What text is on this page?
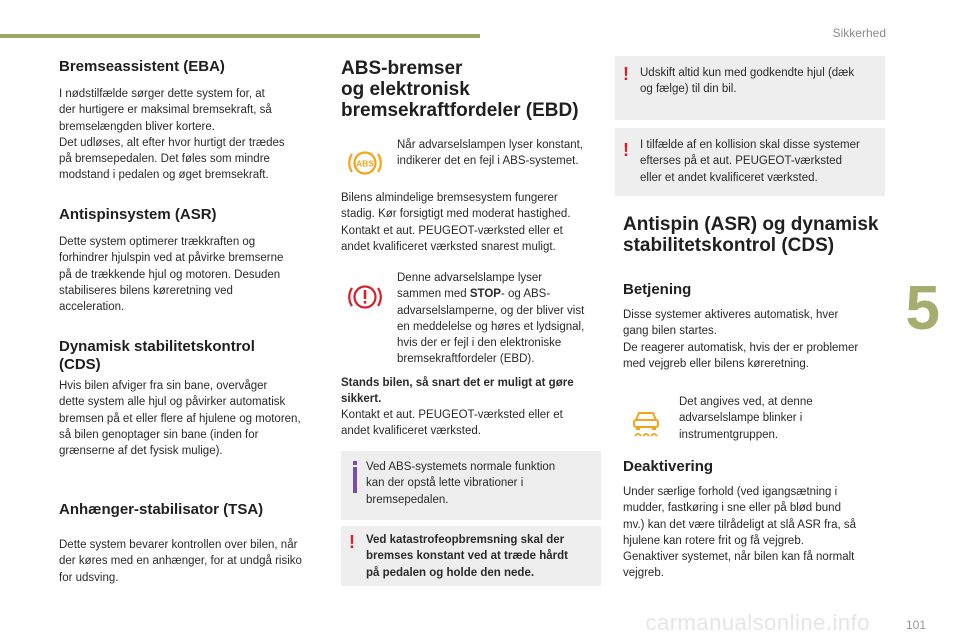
Sikkerhed
5
carmanualsonline.info	101
Bremseassistent (EBA)

I nødstilfælde sørger dette system for, at
der hurtigere er maksimal bremsekraft, så
bremselængden bliver kortere.
Det udløses, alt efter hvor hurtigt der trædes
på bremsepedalen. Det føles som mindre
modstand i pedalen og øget bremsekraft.

Antispinsystem (ASR)

Dette system optimerer trækkraften og
forhindrer hjulspin ved at påvirke bremserne
på de trækkende hjul og motoren. Desuden
stabiliseres bilens køreretning ved
acceleration.

Dynamisk stabilitetskontrol
(CDS)

Hvis bilen afviger fra sin bane, overvåger
dette system alle hjul og påvirker automatisk
bremsen på et eller flere af hjulene og motoren,
så bilen genoptager sin bane (inden for
grænserne af det fysisk mulige).

Anhænger-stabilisator (TSA)

Dette system bevarer kontrollen over bilen, når
der køres med en anhænger, for at undgå risiko
for udsving.

ABS-bremser
og elektronisk
bremsekraftfordeler (EBD)
ABS

Når advarselslampen lyser konstant,
indikerer det en fejl i ABS-systemet.

Bilens almindelige bremsesystem fungerer
stadig. Kør forsigtigt med moderat hastighed.
Kontakt et aut. PEUGEOT-værksted eller et
andet kvalificeret værksted snarest muligt.

Denne advarselslampe lyser
sammen med STOP- og ABS-
advarselslamperne, og der bliver vist
en meddelelse og høres et lydsignal,
hvis der er fejl i den elektroniske
bremsekraftfordeler (EBD).

Stands bilen, så snart det er muligt at gøre
sikkert.

Kontakt et aut. PEUGEOT-værksted eller et
andet kvalificeret værksted.

Ved ABS-systemets normale funktion
kan der opstå lette vibrationer i
bremsepedalen.

! Ved katastrofeopbremsning skal der
bremses konstant ved at træde hårdt
på pedalen og holde den nede.

! Udskift altid kun med godkendte hjul (dæk
og fælge) til din bil.

! I tilfælde af en kollision skal disse systemer
efterses på et aut. PEUGEOT-værksted
eller et andet kvalificeret værksted.

Antispin (ASR) og dynamisk
stabilitetskontrol (CDS)
Betjening

Disse systemer aktiveres automatisk, hver
gang bilen startes.
De reagerer automatisk, hvis der er problemer
med vejgreb eller bilens køreretning.

Det angives ved, at denne
advarselslampe blinker i
instrumentgruppen.

Deaktivering

Under særlige forhold (ved igangsætning i
mudder, fastkøring i sne eller på blød bund
mv.) kan det være tilrådeligt at slå ASR fra, så
hjulene kan rotere frit og få vejgreb.
Genaktiver systemet, når bilen kan få normalt
vejgreb.
